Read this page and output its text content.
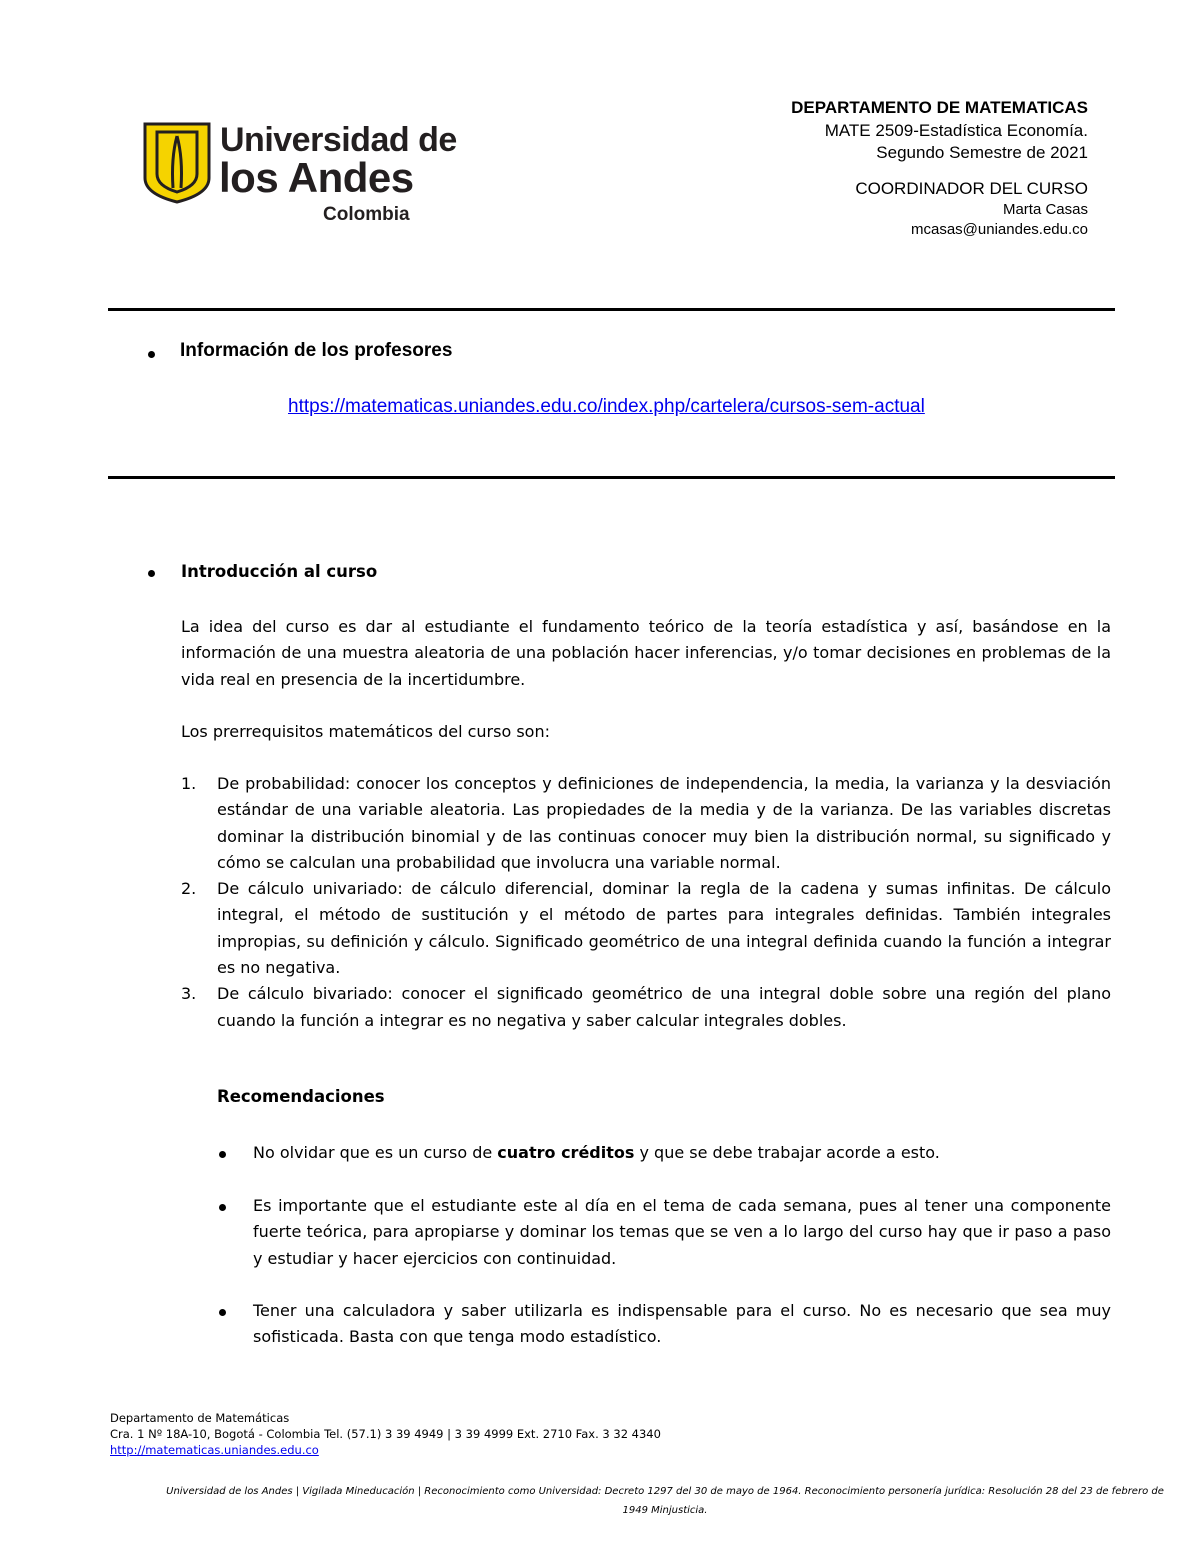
Universidad de
los Andes
Colombia
DEPARTAMENTO DE MATEMATICAS
MATE 2509-Estadística Economía.
Segundo Semestre de 2021
COORDINADOR DEL CURSO
Marta Casas
mcasas@uniandes.edu.co
Información de los profesores
https://matematicas.uniandes.edu.co/index.php/cartelera/cursos-sem-actual
Introducción al curso

La idea del curso es dar al estudiante el fundamento teórico de la teoría estadística y así, basándose en la información de una muestra aleatoria de una población hacer inferencias, y/o tomar decisiones en problemas de la vida real en presencia de la incertidumbre.

Los prerrequisitos matemáticos del curso son:

1. De probabilidad: conocer los conceptos y definiciones de independencia, la media, la varianza y la desviación estándar de una variable aleatoria. Las propiedades de la media y de la varianza. De las variables discretas dominar la distribución binomial y de las continuas conocer muy bien la distribución normal, su significado y cómo se calculan una probabilidad que involucra una variable normal.
2. De cálculo univariado: de cálculo diferencial, dominar la regla de la cadena y sumas infinitas. De cálculo integral, el método de sustitución y el método de partes para integrales definidas. También integrales impropias, su definición y cálculo. Significado geométrico de una integral definida cuando la función a integrar es no negativa.
3. De cálculo bivariado: conocer el significado geométrico de una integral doble sobre una región del plano cuando la función a integrar es no negativa y saber calcular integrales dobles.
Recomendaciones
No olvidar que es un curso de cuatro créditos y que se debe trabajar acorde a esto.
Es importante que el estudiante este al día en el tema de cada semana, pues al tener una componente fuerte teórica, para apropiarse y dominar los temas que se ven a lo largo del curso hay que ir paso a paso y estudiar y hacer ejercicios con continuidad.
Tener una calculadora y saber utilizarla es indispensable para el curso. No es necesario que sea muy sofisticada. Basta con que tenga modo estadístico.
Departamento de Matemáticas
Cra. 1 Nº 18A-10, Bogotá - Colombia Tel. (57.1) 3 39 4949 | 3 39 4999 Ext. 2710 Fax. 3 32 4340
http://matematicas.uniandes.edu.co
Universidad de los Andes | Vigilada Mineducación | Reconocimiento como Universidad: Decreto 1297 del 30 de mayo de 1964. Reconocimiento personería jurídica: Resolución 28 del 23 de febrero de 1949 Minjusticia.
